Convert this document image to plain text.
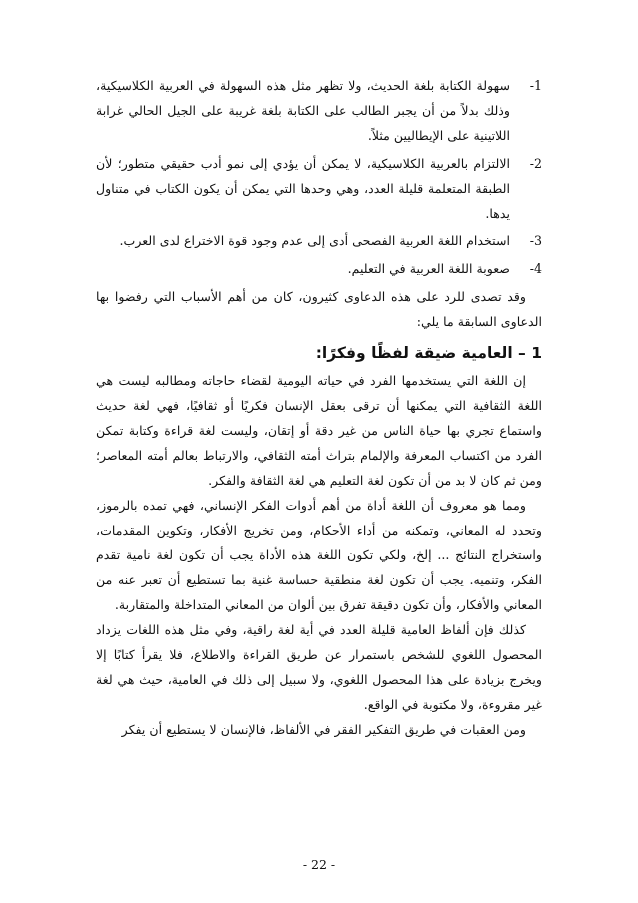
1-
سهولة الكتابة بلغة الحديث، ولا تظهر مثل هذه السهولة في العربية الكلاسيكية، وذلك بدلاً من أن يجبر الطالب على الكتابة بلغة غريبة على الجيل الحالي غرابة اللاتينية على الإيطاليين مثلاً.
2-
الالتزام بالعربية الكلاسيكية، لا يمكن أن يؤدي إلى نمو أدب حقيقي متطور؛ لأن الطبقة المتعلمة قليلة العدد، وهي وحدها التي يمكن أن يكون الكتاب في متناول يدها.
3-
استخدام اللغة العربية الفصحى أدى إلى عدم وجود قوة الاختراع لدى العرب.
4-
صعوبة اللغة العربية في التعليم.

وقد تصدى للرد على هذه الدعاوى كثيرون، كان من أهم الأسباب التي رفضوا بها الدعاوى السابقة ما يلي:

1 – العامية ضيقة لفظًا وفكرًا:

إن اللغة التي يستخدمها الفرد في حياته اليومية لقضاء حاجاته ومطالبه ليست هي اللغة الثقافية التي يمكنها أن ترقى بعقل الإنسان فكريًا أو ثقافيًا، فهي لغة حديث واستماع تجري بها حياة الناس من غير دقة أو إتقان، وليست لغة قراءة وكتابة تمكن الفرد من اكتساب المعرفة والإلمام بتراث أمته الثقافي، والارتباط بعالم أمته المعاصر؛ ومن ثم كان لا بد من أن تكون لغة التعليم هي لغة الثقافة والفكر.

ومما هو معروف أن اللغة أداة من أهم أدوات الفكر الإنساني، فهي تمده بالرموز، وتحدد له المعاني، وتمكنه من أداء الأحكام، ومن تخريج الأفكار، وتكوين المقدمات، واستخراج النتائج ... إلخ، ولكي تكون اللغة هذه الأداة يجب أن تكون لغة نامية تقدم الفكر، وتنميه. يجب أن تكون لغة منطقية حساسة غنية بما تستطيع أن تعبر عنه من المعاني والأفكار، وأن تكون دقيقة تفرق بين ألوان من المعاني المتداخلة والمتقاربة.

كذلك فإن ألفاظ العامية قليلة العدد في أية لغة راقية، وفي مثل هذه اللغات يزداد المحصول اللغوي للشخص باستمرار عن طريق القراءة والاطلاع، فلا يقرأ كتابًا إلا ويخرج بزيادة على هذا المحصول اللغوي، ولا سبيل إلى ذلك في العامية، حيث هي لغة غير مقروءة، ولا مكتوبة في الواقع.

ومن العقبات في طريق التفكير الفقر في الألفاظ، فالإنسان لا يستطيع أن يفكر

- 22 -
